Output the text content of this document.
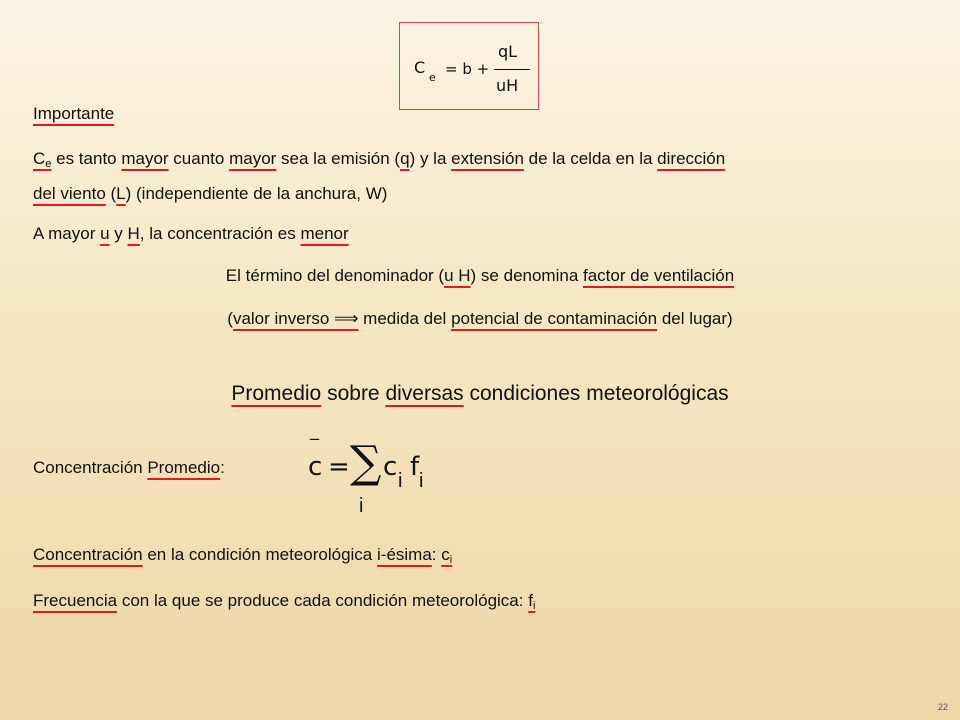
C
e = b +
qL
uH
Importante
$C_e$ es tanto mayor cuanto mayor sea la emisión (q) y la extensión de la celda en la dirección
del viento (L) (independiente de la anchura, W)
A mayor u y H, la concentración es menor
El término del denominador (u H) se denomina factor de ventilación
(valor inverso ⟹ medida del potencial de contaminación del lugar)
Promedio sobre diversas condiciones meteorológicas
Concentración Promedio:
_
c = ∑
i
c i f i
Concentración en la condición meteorológica i-ésima: $c_i$
Frecuencia con la que se produce cada condición meteorológica: $f_i$
22
